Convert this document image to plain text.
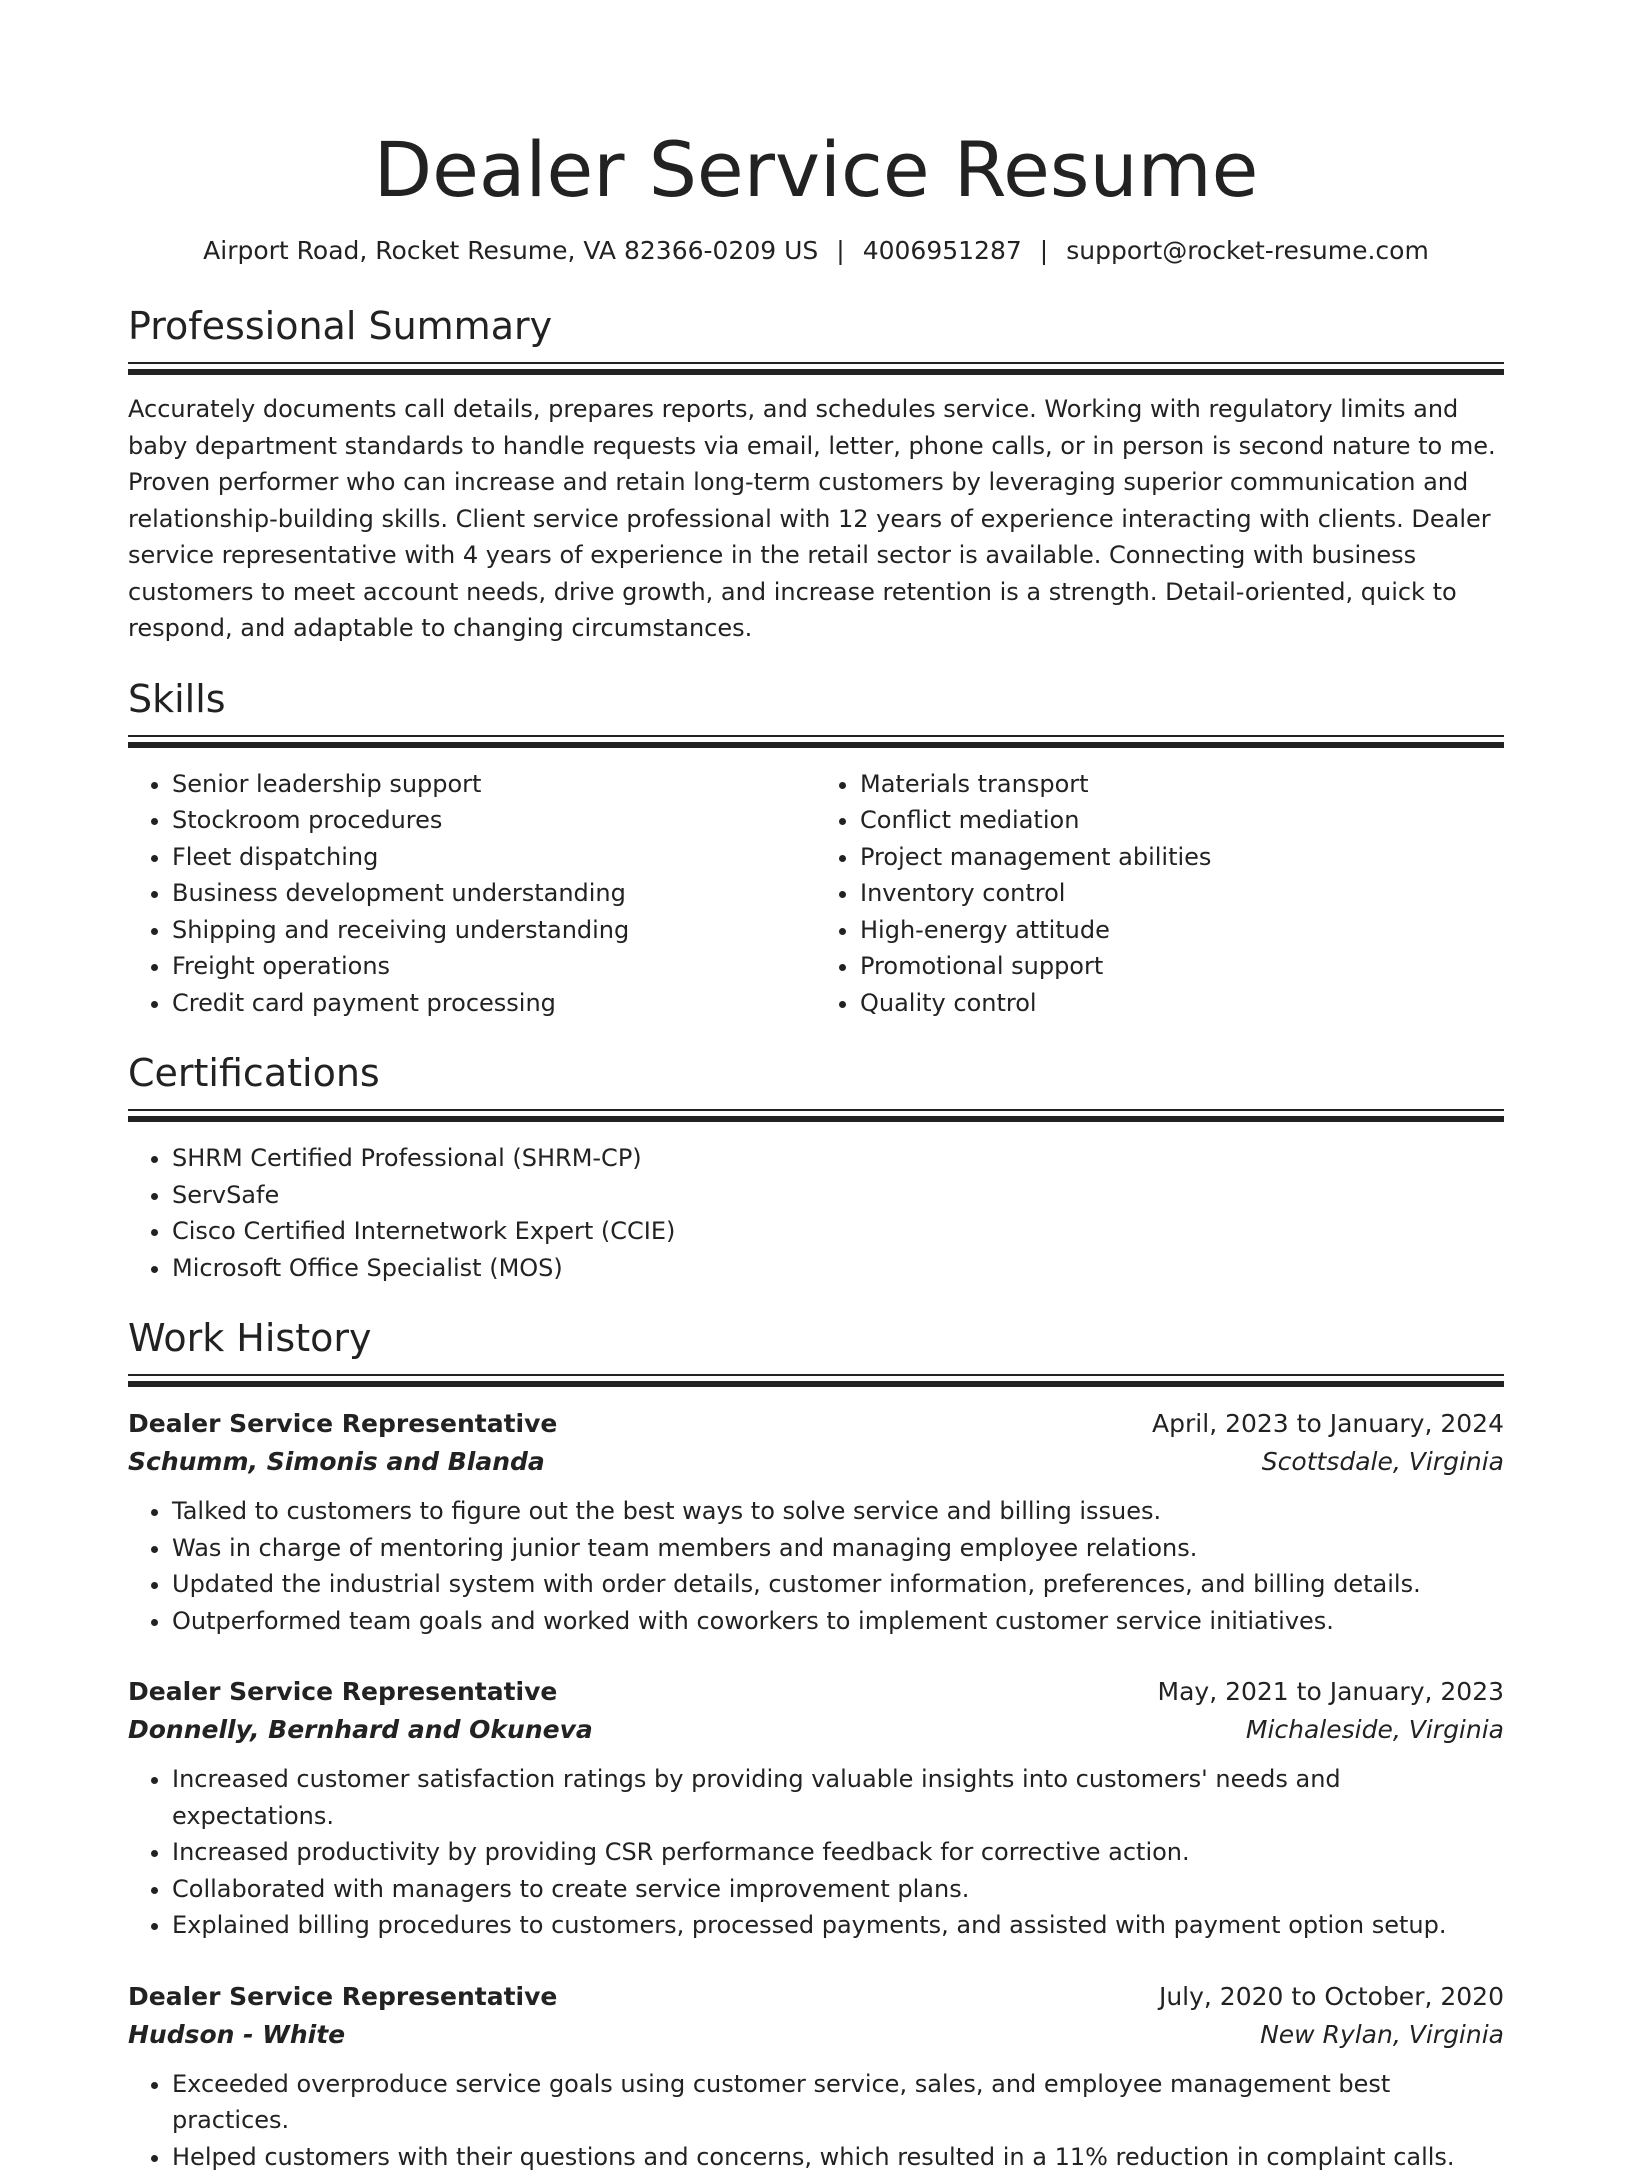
Dealer Service Resume
Airport Road, Rocket Resume, VA 82366-0209 US | 4006951287 | support@rocket-resume.com
Professional Summary

Accurately documents call details, prepares reports, and schedules service. Working with regulatory limits and baby department standards to handle requests via email, letter, phone calls, or in person is second nature to me. Proven performer who can increase and retain long-term customers by leveraging superior communication and relationship-building skills. Client service professional with 12 years of experience interacting with clients. Dealer service representative with 4 years of experience in the retail sector is available. Connecting with business customers to meet account needs, drive growth, and increase retention is a strength. Detail-oriented, quick to respond, and adaptable to changing circumstances.

Skills
• Senior leadership support
• Stockroom procedures
• Fleet dispatching
• Business development understanding
• Shipping and receiving understanding
• Freight operations
• Credit card payment processing
• Materials transport
• Conflict mediation
• Project management abilities
• Inventory control
• High-energy attitude
• Promotional support
• Quality control
Certifications
• SHRM Certified Professional (SHRM-CP)
• ServSafe
• Cisco Certified Internetwork Expert (CCIE)
• Microsoft Office Specialist (MOS)
Work History
Dealer Service Representative	April, 2023 to January, 2024
Schumm, Simonis and Blanda	Scottsdale, Virginia
• Talked to customers to figure out the best ways to solve service and billing issues.
• Was in charge of mentoring junior team members and managing employee relations.
• Updated the industrial system with order details, customer information, preferences, and billing details.
• Outperformed team goals and worked with coworkers to implement customer service initiatives.
Dealer Service Representative	May, 2021 to January, 2023
Donnelly, Bernhard and Okuneva	Michaleside, Virginia
• Increased customer satisfaction ratings by providing valuable insights into customers' needs and expectations.
• Increased productivity by providing CSR performance feedback for corrective action.
• Collaborated with managers to create service improvement plans.
• Explained billing procedures to customers, processed payments, and assisted with payment option setup.
Dealer Service Representative	July, 2020 to October, 2020
Hudson - White	New Rylan, Virginia
• Exceeded overproduce service goals using customer service, sales, and employee management best practices.
• Helped customers with their questions and concerns, which resulted in a 11% reduction in complaint calls.
